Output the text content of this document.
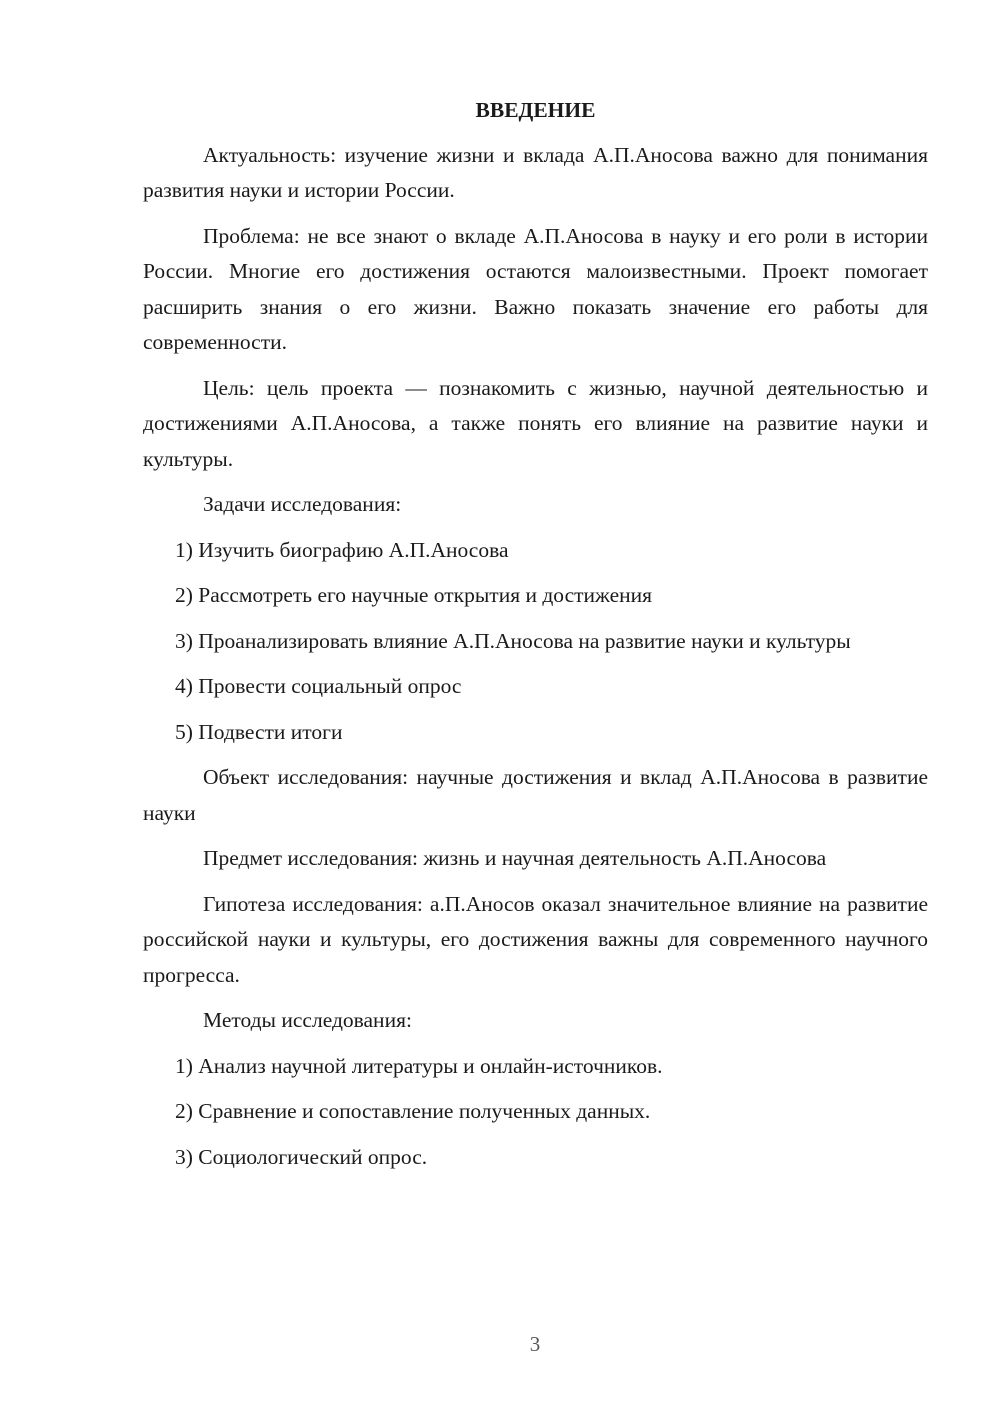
ВВЕДЕНИЕ

Актуальность: изучение жизни и вклада А.П.Аносова важно для понимания развития науки и истории России.

Проблема: не все знают о вкладе А.П.Аносова в науку и его роли в истории России. Многие его достижения остаются малоизвестными. Проект помогает расширить знания о его жизни. Важно показать значение его работы для современности.

Цель: цель проекта — познакомить с жизнью, научной деятельностью и достижениями А.П.Аносова, а также понять его влияние на развитие науки и культуры.

Задачи исследования:

1) Изучить биографию А.П.Аносова

2) Рассмотреть его научные открытия и достижения

3) Проанализировать влияние А.П.Аносова на развитие науки и культуры

4) Провести социальный опрос

5) Подвести итоги

Объект исследования: научные достижения и вклад А.П.Аносова в развитие науки

Предмет исследования: жизнь и научная деятельность А.П.Аносова

Гипотеза исследования: а.П.Аносов оказал значительное влияние на развитие российской науки и культуры, его достижения важны для современного научного прогресса.

Методы исследования:

1) Анализ научной литературы и онлайн-источников.

2) Сравнение и сопоставление полученных данных.

3) Социологический опрос.

3
